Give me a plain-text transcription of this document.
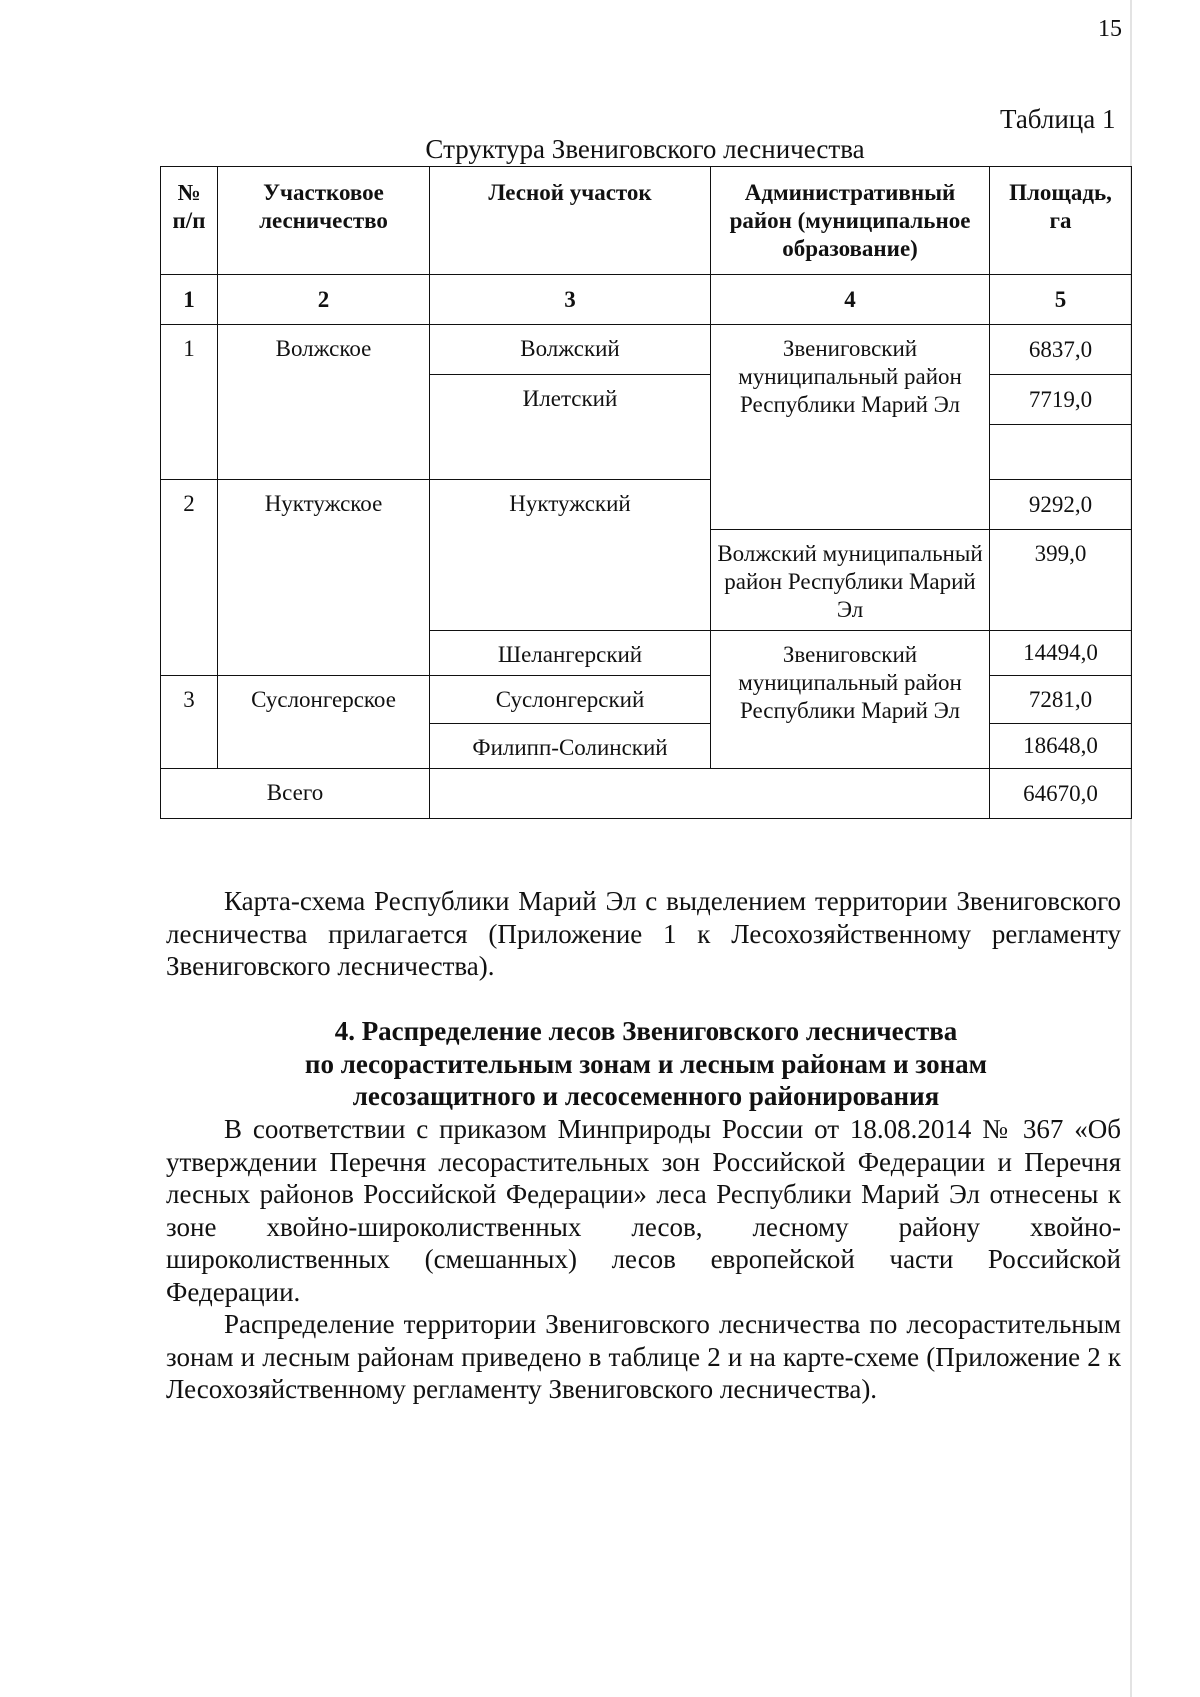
15
Таблица 1
Структура Звениговского лесничества
№ п/п	Участковое лесничество	Лесной участок	Административный район (муниципальное образование)	Площадь, га
1	2	3	4	5
1	Волжское	Волжский	Звениговский муниципальный район Республики Марий Эл	6837,0
		Илетский		7719,0

2	Нуктужское	Нуктужский		9292,0
			Волжский муниципальный район Республики Марий Эл	399,0
		Шелангерский	Звениговский муниципальный район Республики Марий Эл	14494,0
3	Суслонгерское	Суслонгерский		7281,0
		Филипп-Солинский		18648,0
Всего				64670,0

Карта-схема Республики Марий Эл с выделением территории Звениговского лесничества прилагается (Приложение 1 к Лесохозяйственному регламенту Звениговского лесничества).

4. Распределение лесов Звениговского лесничества
по лесорастительным зонам и лесным районам и зонам
лесозащитного и лесосеменного районирования

В соответствии с приказом Минприроды России от 18.08.2014 № 367 «Об утверждении Перечня лесорастительных зон Российской Федерации и Перечня лесных районов Российской Федерации» леса Республики Марий Эл отнесены к зоне хвойно-широколиственных лесов, лесному району хвойно-широколиственных (смешанных) лесов европейской части Российской Федерации.

Распределение территории Звениговского лесничества по лесорастительным зонам и лесным районам приведено в таблице 2 и на карте-схеме (Приложение 2 к Лесохозяйственному регламенту Звениговского лесничества).
